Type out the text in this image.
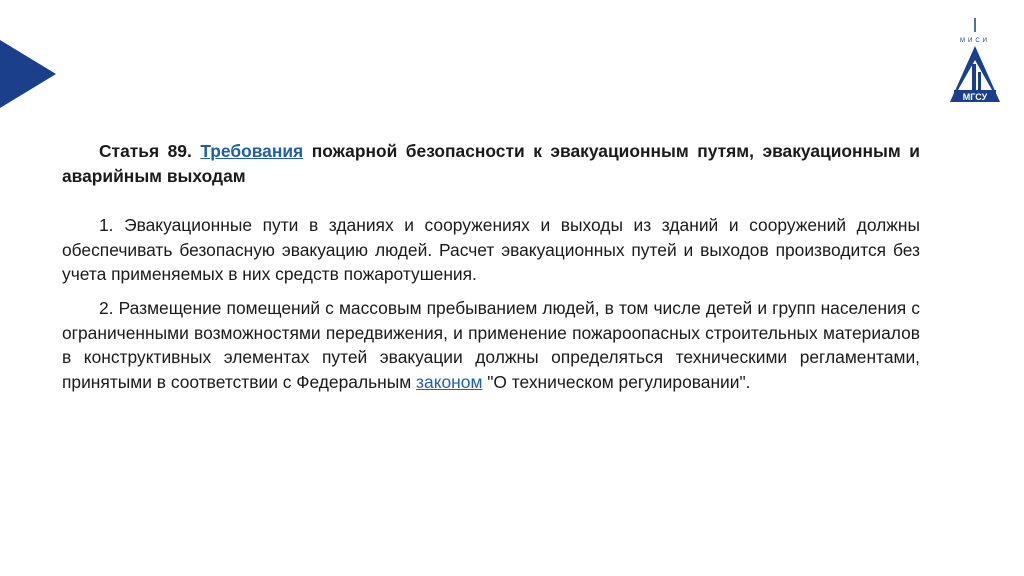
МИСИ
МГСУ

Статья 89. Требования пожарной безопасности к эвакуационным путям, эвакуационным и аварийным выходам

1. Эвакуационные пути в зданиях и сооружениях и выходы из зданий и сооружений должны обеспечивать безопасную эвакуацию людей. Расчет эвакуационных путей и выходов производится без учета применяемых в них средств пожаротушения.

2. Размещение помещений с массовым пребыванием людей, в том числе детей и групп населения с ограниченными возможностями передвижения, и применение пожароопасных строительных материалов в конструктивных элементах путей эвакуации должны определяться техническими регламентами, принятыми в соответствии с Федеральным законом "О техническом регулировании".
